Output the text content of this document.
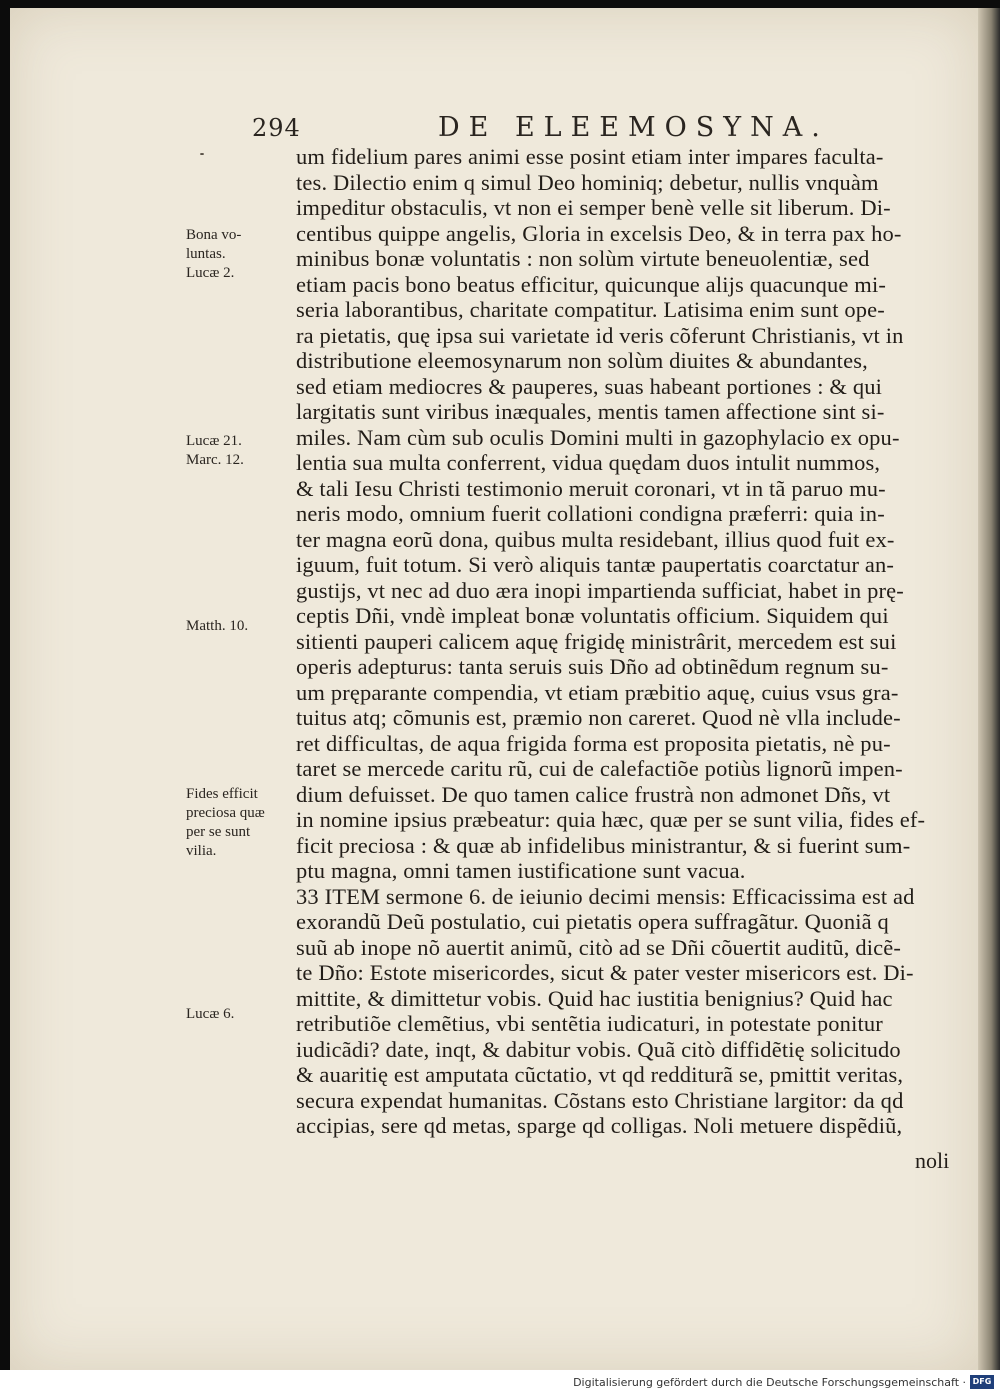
294	DE ELEEMOSYNA.
um fidelium pares animi esse posint etiam inter impares faculta-
tes. Dilectio enim q simul Deo hominiq; debetur, nullis vnquàm
impeditur obstaculis, vt non ei semper benè velle sit liberum. Di-
centibus quippe angelis, Gloria in excelsis Deo, & in terra pax ho-
minibus bonæ voluntatis : non solùm virtute beneuolentiæ, sed
etiam pacis bono beatus efficitur, quicunque alijs quacunque mi-
seria laborantibus, charitate compatitur. Latisima enim sunt ope-
ra pietatis, quę ipsa sui varietate id veris cõferunt Christianis, vt in
distributione eleemosynarum non solùm diuites & abundantes,
sed etiam mediocres & pauperes, suas habeant portiones : & qui
largitatis sunt viribus inæquales, mentis tamen affectione sint si-
miles. Nam cùm sub oculis Domini multi in gazophylacio ex opu-
lentia sua multa conferrent, vidua quędam duos intulit nummos,
& tali Iesu Christi testimonio meruit coronari, vt in tã paruo mu-
neris modo, omnium fuerit collationi condigna præferri: quia in-
ter magna eorũ dona, quibus multa residebant, illius quod fuit ex-
iguum, fuit totum. Si verò aliquis tantæ paupertatis coarctatur an-
gustijs, vt nec ad duo æra inopi impartienda sufficiat, habet in prę-
ceptis Dñi, vndè impleat bonæ voluntatis officium. Siquidem qui
sitienti pauperi calicem aquę frigidę ministrârit, mercedem est sui
operis adepturus: tanta seruis suis Dño ad obtinẽdum regnum su-
um pręparante compendia, vt etiam præbitio aquę, cuius vsus gra-
tuitus atq; cõmunis est, præmio non careret. Quod nè vlla include-
ret difficultas, de aqua frigida forma est proposita pietatis, nè pu-
taret se mercede caritu rũ, cui de calefactiõe potiùs lignorũ impen-
dium defuisset. De quo tamen calice frustrà non admonet Dñs, vt
in nomine ipsius præbeatur: quia hæc, quæ per se sunt vilia, fides ef-
ficit preciosa : & quæ ab infidelibus ministrantur, & si fuerint sum-
ptu magna, omni tamen iustificatione sunt vacua.
33 ITEM sermone 6. de ieiunio decimi mensis: Efficacissima est ad
exorandũ Deũ postulatio, cui pietatis opera suffragãtur. Quoniã q
suũ ab inope nõ auertit animũ, citò ad se Dñi cõuertit auditũ, dicẽ-
te Dño: Estote misericordes, sicut & pater vester misericors est. Di-
mittite, & dimittetur vobis. Quid hac iustitia benignius? Quid hac
retributiõe clemẽtius, vbi sentẽtia iudicaturi, in potestate ponitur
iudicãdi? date, inqt, & dabitur vobis. Quã citò diffidẽtię solicitudo
& auaritię est amputata cũctatio, vt qd redditurã se, pmittit veritas,
secura expendat humanitas. Cõstans esto Christiane largitor: da qd
accipias, sere qd metas, sparge qd colligas. Noli metuere dispẽdiũ,
noli
Bona vo-
luntas.
Lucæ 2.
Lucæ 21.
Marc. 12.
Matth. 10.
Fides efficit
preciosa quæ
per se sunt
vilia.
Lucæ 6.
Digitalisierung gefördert durch die Deutsche Forschungsgemeinschaft · DFG
